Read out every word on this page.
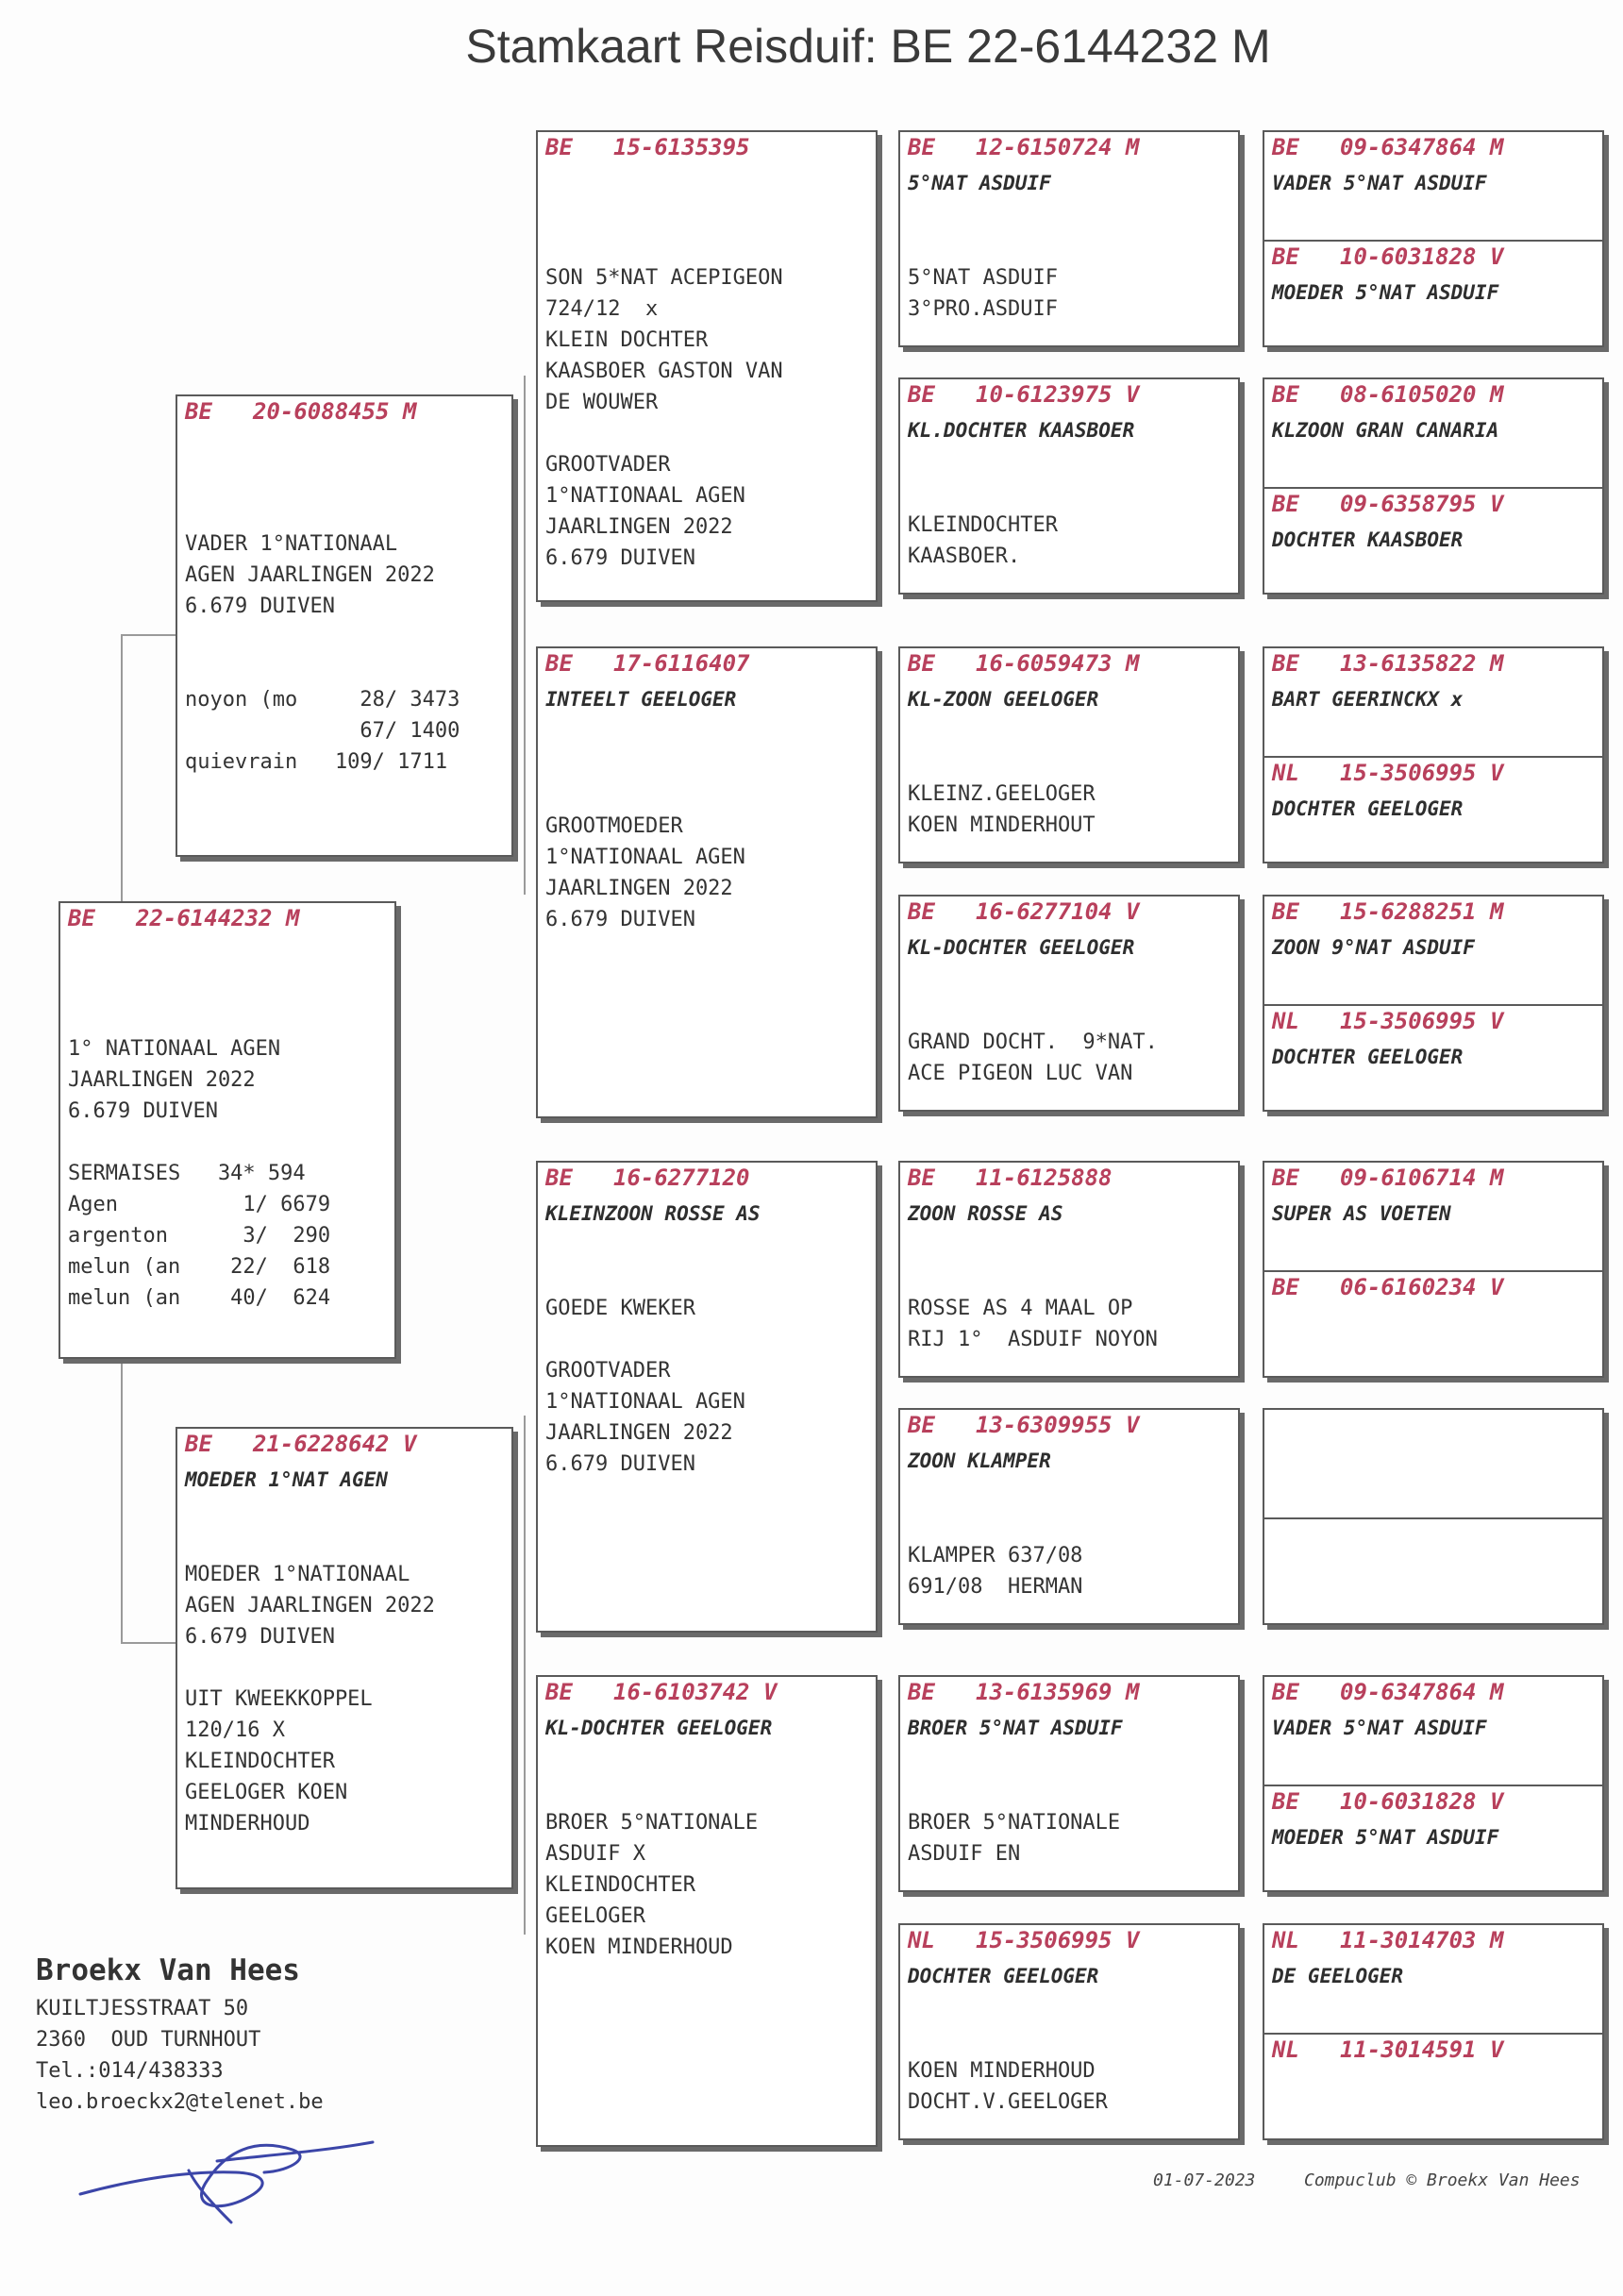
Stamkaart Reisduif: BE 22-6144232 M
BE 22-6144232 M
1° NATIONAAL AGEN
JAARLINGEN 2022
6.679 DUIVEN
SERMAISES   34* 594
Agen          1/ 6679
argenton      3/  290
melun (an    22/  618
melun (an    40/  624
BE 20-6088455 M
VADER 1°NATIONAAL
AGEN JAARLINGEN 2022
6.679 DUIVEN
noyon (mo     28/ 3473
67/ 1400
quievrain   109/ 1711
BE 21-6228642 V
MOEDER 1°NAT AGEN
MOEDER 1°NATIONAAL
AGEN JAARLINGEN 2022
6.679 DUIVEN
UIT KWEEKKOPPEL
120/16 X
KLEINDOCHTER
GEELOGER KOEN
MINDERHOUD
BE 15-6135395
SON 5*NAT ACEPIGEON
724/12  x
KLEIN DOCHTER
KAASBOER GASTON VAN
DE WOUWER
GROOTVADER
1°NATIONAAL AGEN
JAARLINGEN 2022
6.679 DUIVEN
BE 17-6116407
INTEELT GEELOGER
GROOTMOEDER
1°NATIONAAL AGEN
JAARLINGEN 2022
6.679 DUIVEN
BE 16-6277120
KLEINZOON ROSSE AS
GOEDE KWEKER
GROOTVADER
1°NATIONAAL AGEN
JAARLINGEN 2022
6.679 DUIVEN
BE 16-6103742 V
KL-DOCHTER GEELOGER
BROER 5°NATIONALE
ASDUIF X
KLEINDOCHTER
GEELOGER
KOEN MINDERHOUD
BE 12-6150724 M
5°NAT ASDUIF
5°NAT ASDUIF
3°PRO.ASDUIF
BE 10-6123975 V
KL.DOCHTER KAASBOER
KLEINDOCHTER
KAASBOER.
BE 16-6059473 M
KL-ZOON GEELOGER
KLEINZ.GEELOGER
KOEN MINDERHOUT
BE 16-6277104 V
KL-DOCHTER GEELOGER
GRAND DOCHT.  9*NAT.
ACE PIGEON LUC VAN
BE 11-6125888
ZOON ROSSE AS
ROSSE AS 4 MAAL OP
RIJ 1°  ASDUIF NOYON
BE 13-6309955 V
ZOON KLAMPER
KLAMPER 637/08
691/08  HERMAN
BE 13-6135969 M
BROER 5°NAT ASDUIF
BROER 5°NATIONALE
ASDUIF EN
NL 15-3506995 V
DOCHTER GEELOGER
KOEN MINDERHOUD
DOCHT.V.GEELOGER
BE 09-6347864 M
VADER 5°NAT ASDUIF
BE 10-6031828 V
MOEDER 5°NAT ASDUIF
BE 08-6105020 M
KLZOON GRAN CANARIA
BE 09-6358795 V
DOCHTER KAASBOER
BE 13-6135822 M
BART GEERINCKX x
NL 15-3506995 V
DOCHTER GEELOGER
BE 15-6288251 M
ZOON 9°NAT ASDUIF
NL 15-3506995 V
DOCHTER GEELOGER
BE 09-6106714 M
SUPER AS VOETEN
BE 06-6160234 V
BE 09-6347864 M
VADER 5°NAT ASDUIF
BE 10-6031828 V
MOEDER 5°NAT ASDUIF
NL 11-3014703 M
DE GEELOGER
NL 11-3014591 V
Broekx Van Hees
KUILTJESSTRAAT 50
2360  OUD TURNHOUT
Tel.:014/438333
leo.broeckx2@telenet.be
01-07-2023	Compuclub © Broekx Van Hees
